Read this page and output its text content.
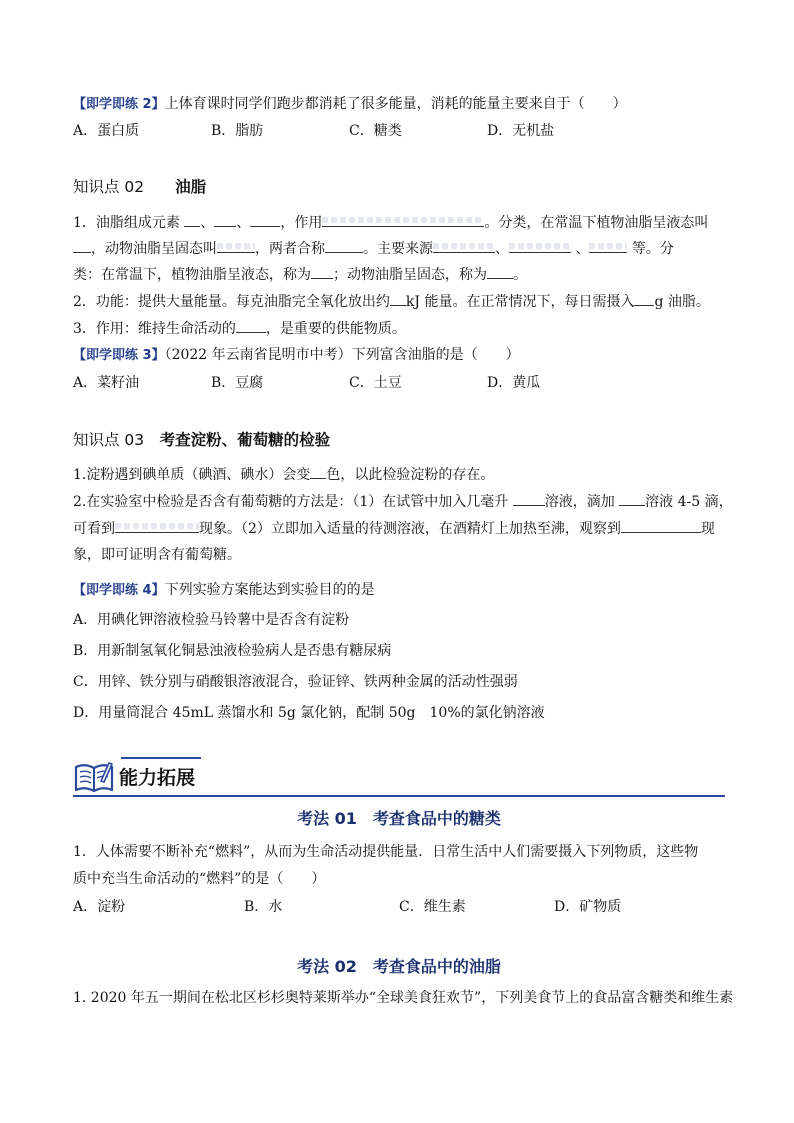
【即学即练 2】上体育课时同学们跑步都消耗了很多能量，消耗的能量主要来自于（　　）
A．蛋白质	B．脂肪	C．糖类	D．无机盐
知识点 02　　 油脂
1．油脂组成元素 、 、 ，作用	。分类，在常温下植物油脂呈液态叫
，动物油脂呈固态叫	，两者合称	。主要来源	、	、	等。分
类：在常温下，植物油脂呈液态，称为 ；动物油脂呈固态，称为 。
2．功能：提供大量能量。每克油脂完全氧化放出约 kJ 能量。在正常情况下，每日需摄入 g 油脂。
3．作用：维持生命活动的 ，是重要的供能物质。
【即学即练 3】（2022 年云南省昆明市中考）下列富含油脂的是（　　）
A．菜籽油	B．豆腐	C．土豆	D．黄瓜
知识点 03　 考查淀粉、葡萄糖的检验
1.淀粉遇到碘单质（碘酒、碘水）会变 色，以此检验淀粉的存在。
2.在实验室中检验是否含有葡萄糖的方法是：（1）在试管中加入几毫升 溶液，滴加 溶液 4-5 滴，
可看到	现象。（2）立即加入适量的待测溶液，在酒精灯上加热至沸，观察到	现
象，即可证明含有葡萄糖。
【即学即练 4】下列实验方案能达到实验目的的是
A．用碘化钾溶液检验马铃薯中是否含有淀粉
B．用新制氢氧化铜悬浊液检验病人是否患有糖尿病
C．用锌、铁分别与硝酸银溶液混合，验证锌、铁两种金属的活动性强弱
D．用量筒混合 45mL 蒸馏水和 5g 氯化钠，配制 50g　10%的氯化钠溶液
能力拓展
考法 01　考查食品中的糖类
1．人体需要不断补充“燃料”，从而为生命活动提供能量．日常生活中人们需要摄入下列物质，这些物
质中充当生命活动的“燃料”的是（　　）
A．淀粉	B．水	C．维生素	D．矿物质
考法 02　考查食品中的油脂
1. 2020 年五一期间在松北区杉杉奥特莱斯举办“全球美食狂欢节”，下列美食节上的食品富含糖类和维生素
